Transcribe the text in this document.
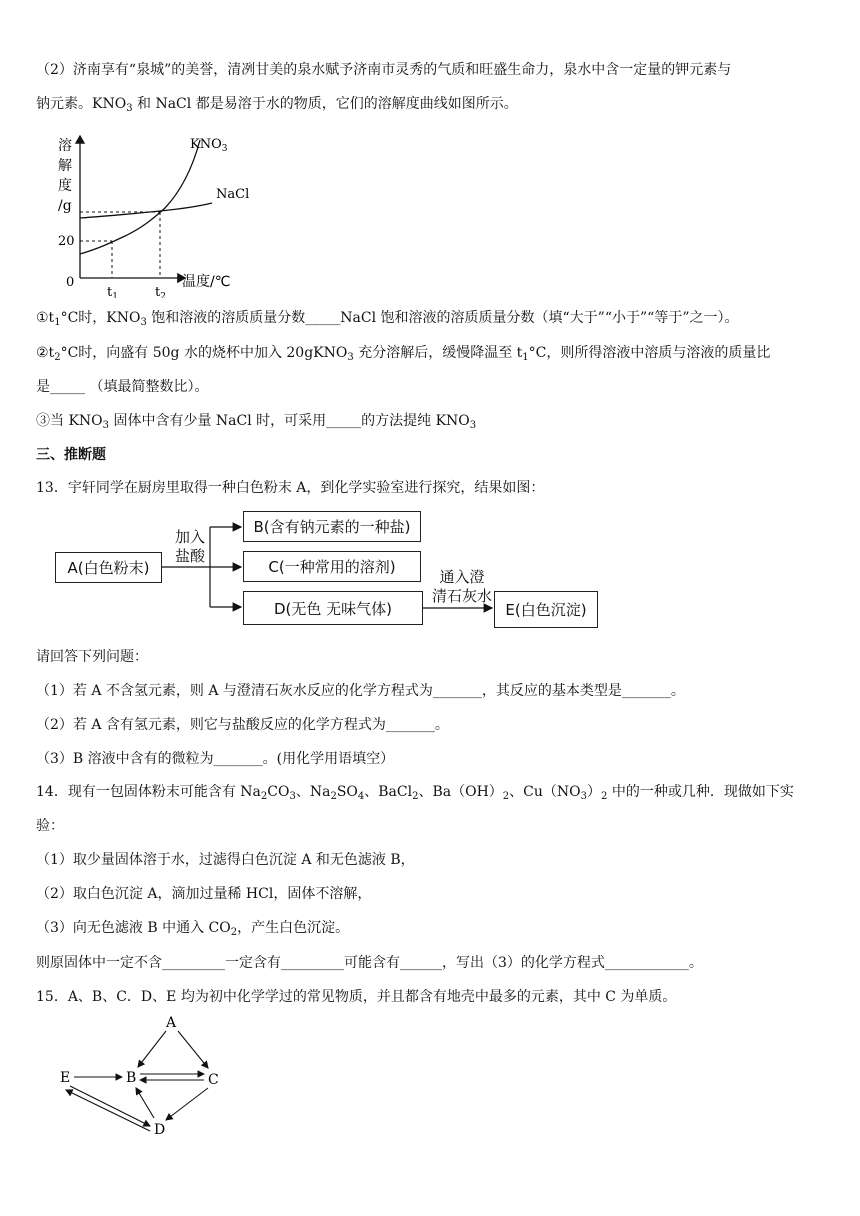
（2）济南享有“泉城”的美誉，清冽甘美的泉水赋予济南市灵秀的气质和旺盛生命力，泉水中含一定量的钾元素与
钠元素。$KNO_3$ 和 NaCl 都是易溶于水的物质，它们的溶解度曲线如图所示。
溶解度/g
温度/℃
0
20
$t_1$	$t_2$
$KNO_3$
NaCl
$①t_1^\circ C$时，$KNO_3$ 饱和溶液的溶质质量分数_____NaCl 饱和溶液的溶质质量分数（填“大于”“小于”“等于”之一）。
$②t_2^\circ C$时，向盛有 50g 水的烧杯中加入 20gKNO$_3$ 充分溶解后，缓慢降温至 $t_1^\circ C$，则所得溶液中溶质与溶液的质量比
是_____ （填最简整数比）。
③当 $KNO_3$ 固体中含有少量 NaCl 时，可采用_____的方法提纯 $KNO_3$
三、推断题
13．宇轩同学在厨房里取得一种白色粉末 A，到化学实验室进行探究，结果如图：
A(白色粉末)
B(含有钠元素的一种盐)
C(一种常用的溶剂)
D(无色 无味气体)	E(白色沉淀)
加入
盐酸
通入澄
清石灰水
请回答下列问题：
（1）若 A 不含氢元素，则 A 与澄清石灰水反应的化学方程式为_______，其反应的基本类型是_______。
（2）若 A 含有氢元素，则它与盐酸反应的化学方程式为_______。
（3）B 溶液中含有的微粒为_______。(用化学用语填空）
14．现有一包固体粉末可能含有 $Na_2CO_3$、$Na_2SO_4$、BaCl$_2$、$Ba(OH)_2$、$Cu(NO_3)_2$ 中的一种或几种．现做如下实
验：
（1）取少量固体溶于水，过滤得白色沉淀 A 和无色滤液 B，
（2）取白色沉淀 A，滴加过量稀 HCl，固体不溶解，
（3）向无色滤液 B 中通入 $CO_2$，产生白色沉淀。
则原固体中一定不含_________一定含有_________可能含有______，写出（3）的化学方程式____________。
15．A、B、C．D、E 均为初中化学学过的常见物质，并且都含有地壳中最多的元素，其中 C 为单质。
A
B	C
D
E
